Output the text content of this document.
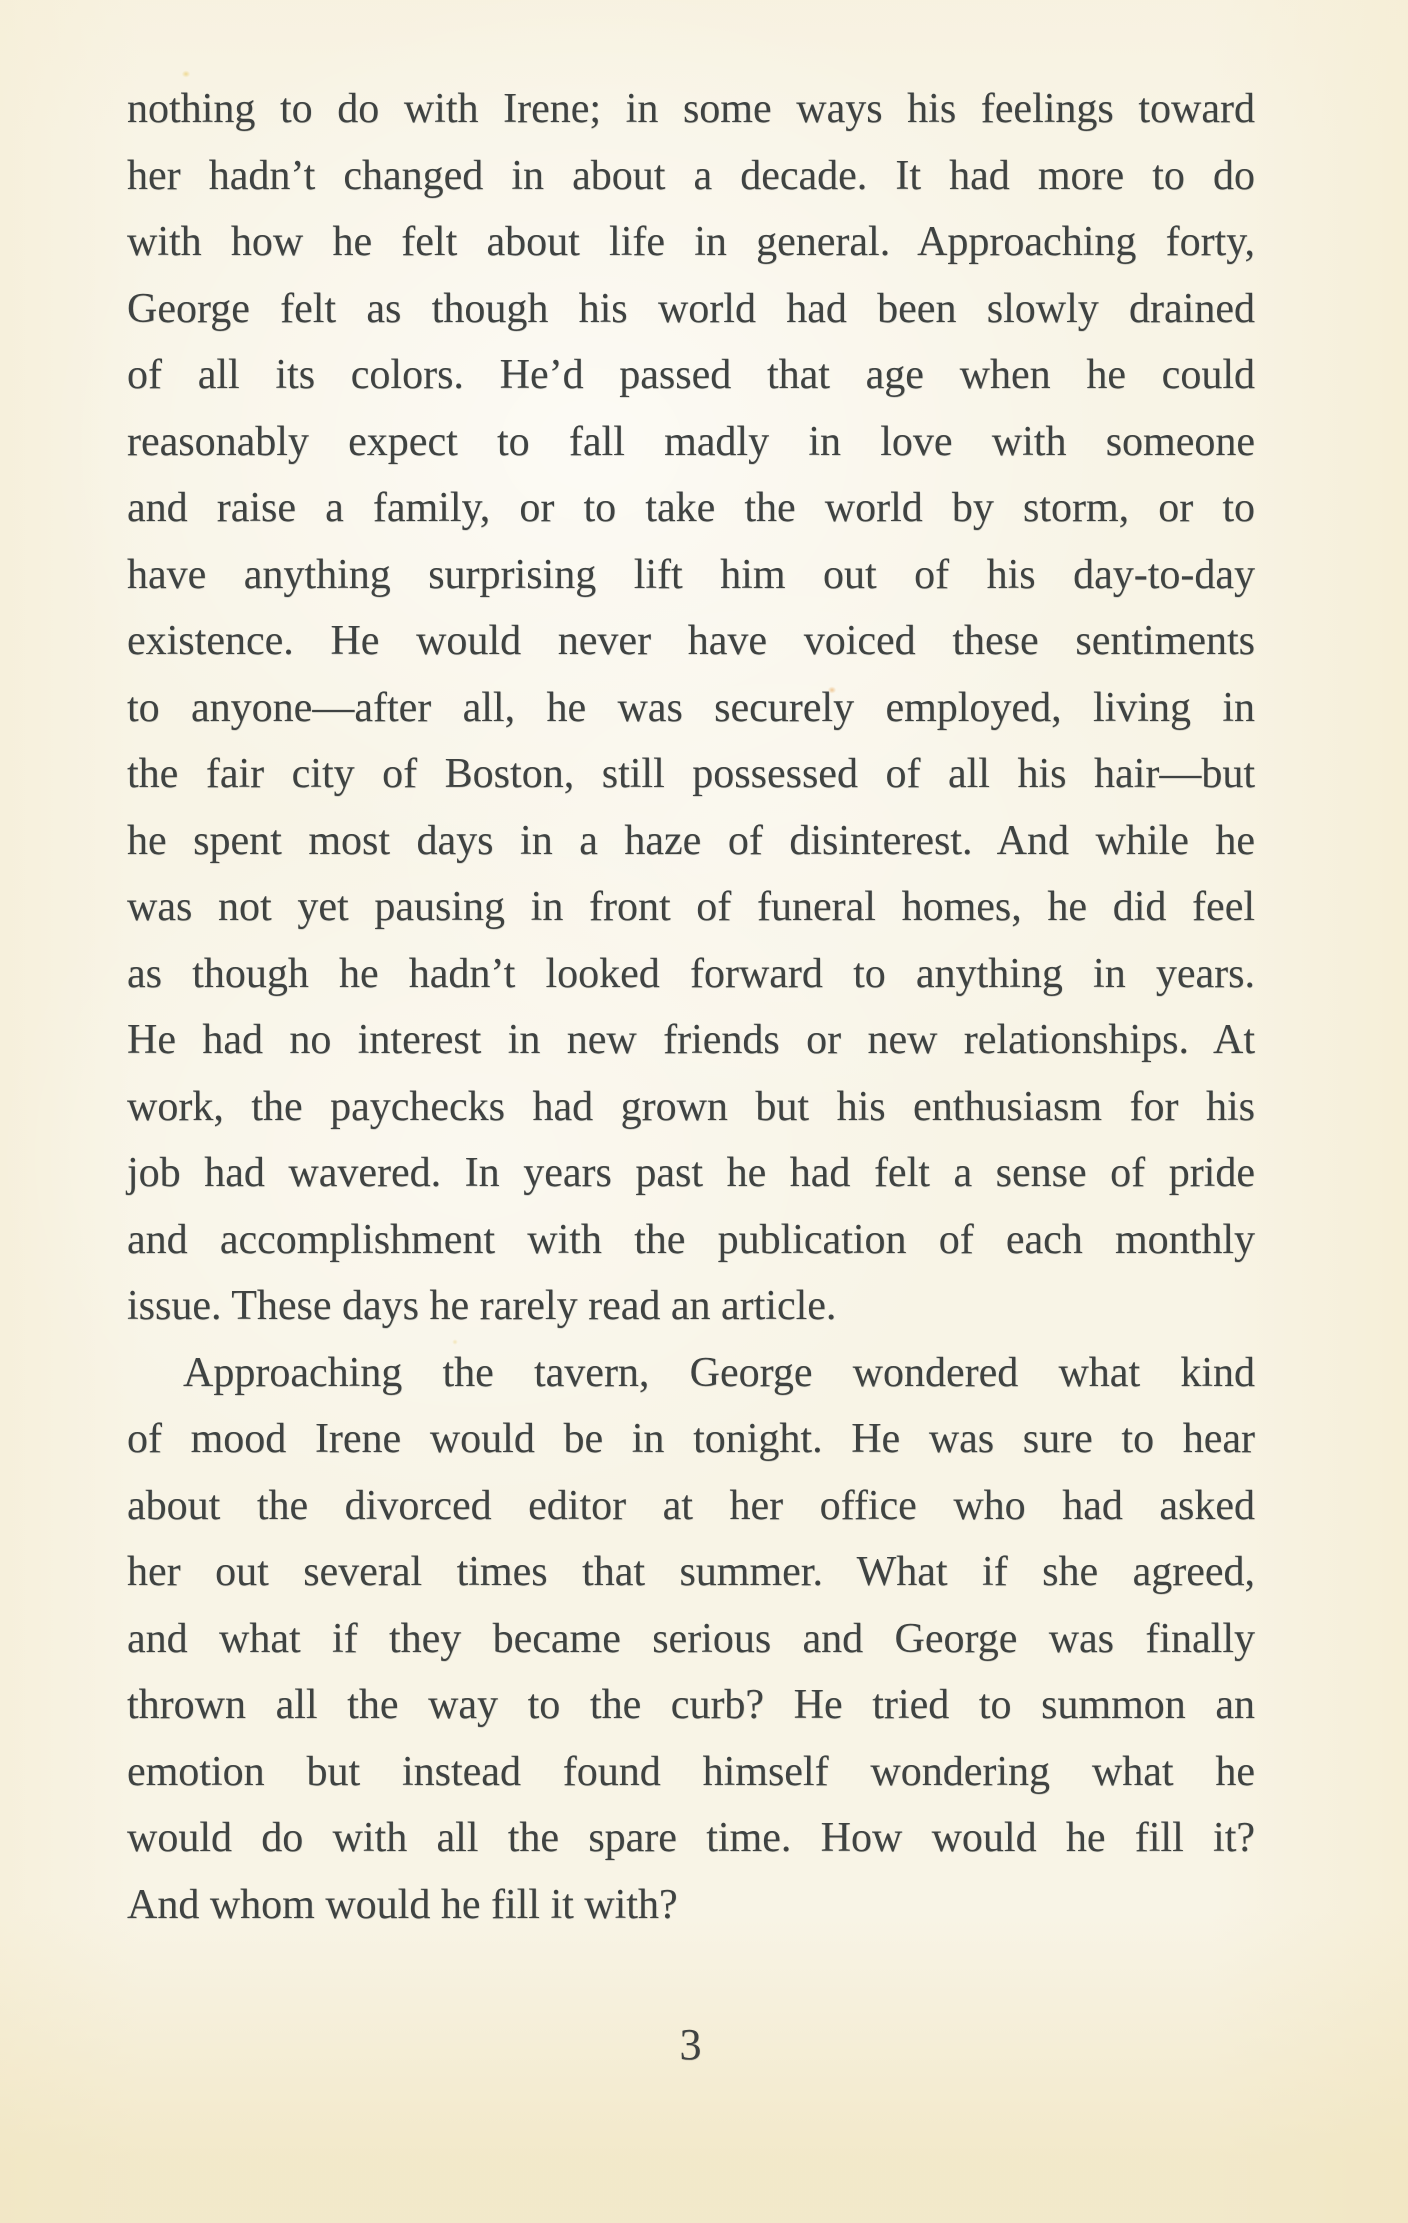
nothing to do with Irene; in some ways his feelings toward
her hadn’t changed in about a decade. It had more to do
with how he felt about life in general. Approaching forty,
George felt as though his world had been slowly drained
of all its colors. He’d passed that age when he could
reasonably expect to fall madly in love with someone
and raise a family, or to take the world by storm, or to
have anything surprising lift him out of his day-to-day
existence. He would never have voiced these sentiments
to anyone—after all, he was securely employed, living in
the fair city of Boston, still possessed of all his hair—but
he spent most days in a haze of disinterest. And while he
was not yet pausing in front of funeral homes, he did feel
as though he hadn’t looked forward to anything in years.
He had no interest in new friends or new relationships. At
work, the paychecks had grown but his enthusiasm for his
job had wavered. In years past he had felt a sense of pride
and accomplishment with the publication of each monthly
issue. These days he rarely read an article.
Approaching the tavern, George wondered what kind
of mood Irene would be in tonight. He was sure to hear
about the divorced editor at her office who had asked
her out several times that summer. What if she agreed,
and what if they became serious and George was finally
thrown all the way to the curb? He tried to summon an
emotion but instead found himself wondering what he
would do with all the spare time. How would he fill it?
And whom would he fill it with?
3
